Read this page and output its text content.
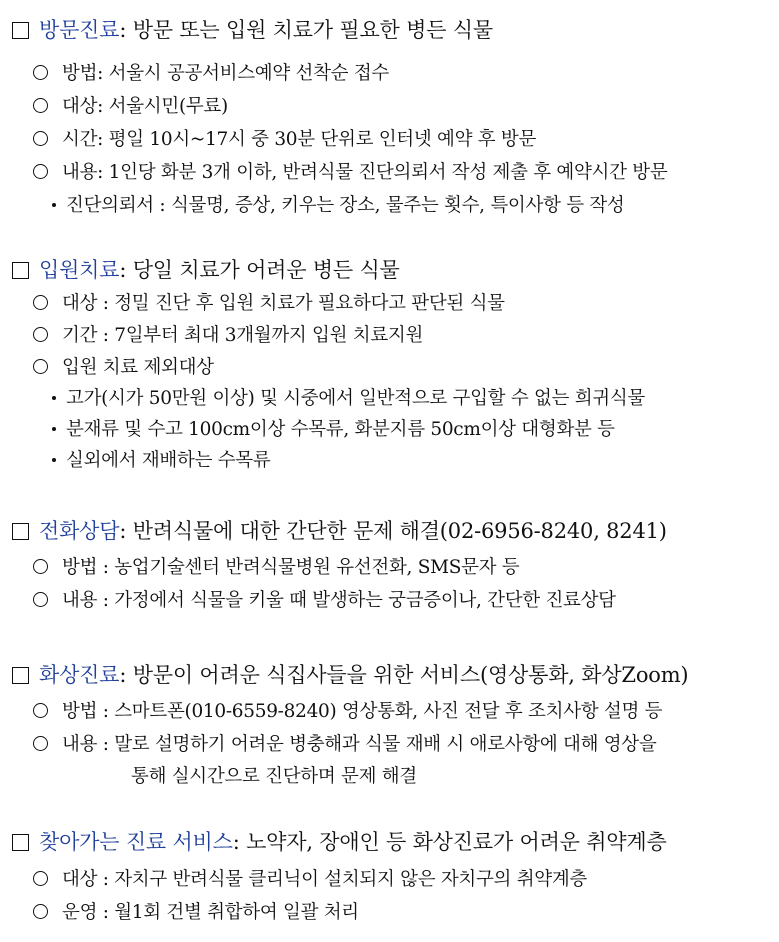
방문진료: 방문 또는 입원 치료가 필요한 병든 식물
방법: 서울시 공공서비스예약 선착순 접수
대상: 서울시민(무료)
시간: 평일 10시~17시 중 30분 단위로 인터넷 예약 후 방문
내용: 1인당 화분 3개 이하, 반려식물 진단의뢰서 작성 제출 후 예약시간 방문
진단의뢰서 : 식물명, 증상, 키우는 장소, 물주는 횟수, 특이사항 등 작성
입원치료: 당일 치료가 어려운 병든 식물
대상 : 정밀 진단 후 입원 치료가 필요하다고 판단된 식물
기간 : 7일부터 최대 3개월까지 입원 치료지원
입원 치료 제외대상
고가(시가 50만원 이상) 및 시중에서 일반적으로 구입할 수 없는 희귀식물
분재류 및 수고 100cm이상 수목류, 화분지름 50cm이상 대형화분 등
실외에서 재배하는 수목류
전화상담: 반려식물에 대한 간단한 문제 해결(02-6956-8240, 8241)
방법 : 농업기술센터 반려식물병원 유선전화, SMS문자 등
내용 : 가정에서 식물을 키울 때 발생하는 궁금증이나, 간단한 진료상담
화상진료: 방문이 어려운 식집사들을 위한 서비스(영상통화, 화상Zoom)
방법 : 스마트폰(010-6559-8240) 영상통화, 사진 전달 후 조치사항 설명 등
내용 : 말로 설명하기 어려운 병충해과 식물 재배 시 애로사항에 대해 영상을
통해 실시간으로 진단하며 문제 해결
찾아가는 진료 서비스: 노약자, 장애인 등 화상진료가 어려운 취약계층
대상 : 자치구 반려식물 클리닉이 설치되지 않은 자치구의 취약계층
운영 : 월1회 건별 취합하여 일괄 처리
